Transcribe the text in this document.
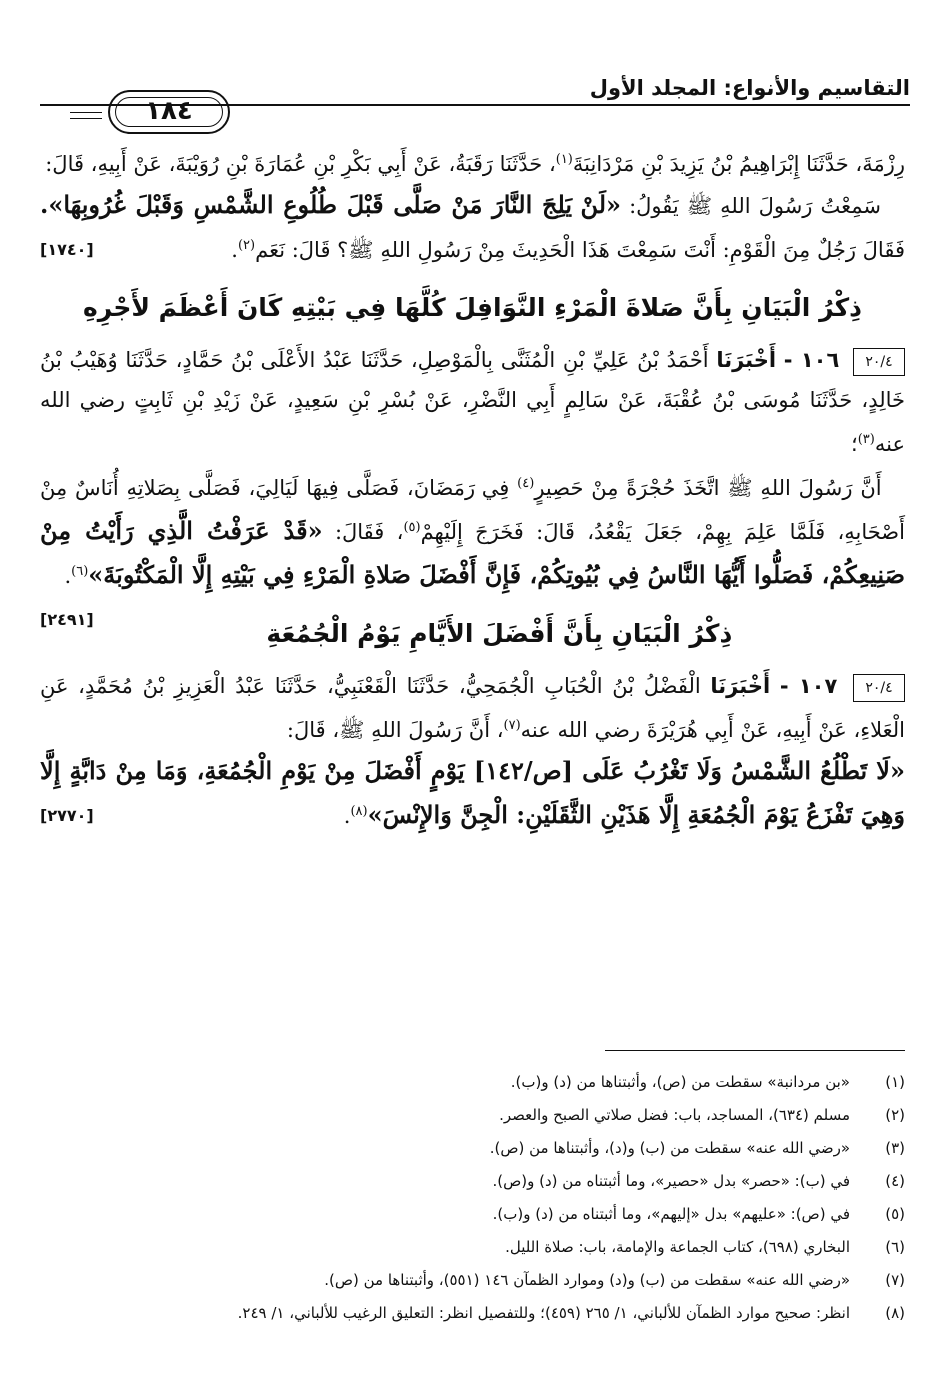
التقاسيم والأنواع: المجلد الأول
١٨٤

رِزْمَةَ، حَدَّثَنَا إِبْرَاهِيمُ بْنُ يَزِيدَ بْنِ مَرْدَانِبَةَ$^{(١)}$، حَدَّثَنَا رَقَبَةُ، عَنْ أَبِي بَكْرِ بْنِ عُمَارَةَ بْنِ رُوَيْبَةَ، عَنْ أَبِيهِ، قَالَ:

سَمِعْتُ رَسُولَ اللهِ ﷺ يَقُولُ: «لَنْ يَلِجَ النَّارَ مَنْ صَلَّى قَبْلَ طُلُوعِ الشَّمْسِ وَقَبْلَ غُرُوبِهَا». فَقَالَ رَجُلٌ مِنَ الْقَوْمِ: أَنْتَ سَمِعْتَ هَذَا الْحَدِيثَ مِنْ رَسُولِ اللهِ ﷺ؟ قَالَ: نَعَم$^{(٢)}$.
[١٧٤٠]

ذِكْرُ الْبَيَانِ بِأَنَّ صَلاةَ الْمَرْءِ النَّوَافِلَ كُلَّهَا فِي بَيْتِهِ كَانَ أَعْظَمَ لأَجْرِهِ

٢٠/٤ ١٠٦ - أَخْبَرَنَا أَحْمَدُ بْنُ عَلِيِّ بْنِ الْمُثَنَّى بِالْمَوْصِلِ، حَدَّثَنَا عَبْدُ الأَعْلَى بْنُ حَمَّادٍ، حَدَّثَنَا وُهَيْبُ بْنُ خَالِدٍ، حَدَّثَنَا مُوسَى بْنُ عُقْبَةَ، عَنْ سَالِمٍ أَبِي النَّضْرِ، عَنْ بُسْرِ بْنِ سَعِيدٍ، عَنْ زَيْدِ بْنِ ثَابِتٍ رضي الله عنه$^{(٣)}$؛

أَنَّ رَسُولَ اللهِ ﷺ اتَّخَذَ حُجْرَةً مِنْ حَصِيرٍ$^{(٤)}$ فِي رَمَضَانَ، فَصَلَّى فِيهَا لَيَالِيَ، فَصَلَّى بِصَلاتِهِ أُنَاسٌ مِنْ أَصْحَابِهِ، فَلَمَّا عَلِمَ بِهِمْ، جَعَلَ يَقْعُدُ، قَالَ: فَخَرَجَ إِلَيْهِمْ$^{(٥)}$، فَقَالَ: «قَدْ عَرَفْتُ الَّذِي رَأَيْتُ مِنْ صَنِيعِكُمْ، فَصَلُّوا أَيُّهَا النَّاسُ فِي بُيُوتِكُمْ، فَإِنَّ أَفْضَلَ صَلاةِ الْمَرْءِ فِي بَيْتِهِ إِلَّا الْمَكْتُوبَةَ»$^{(٦)}$.
[٢٤٩١]	ذِكْرُ الْبَيَانِ بِأَنَّ أَفْضَلَ الأَيَّامِ يَوْمُ الْجُمُعَةِ

٢٠/٤ ١٠٧ - أَخْبَرَنَا الْفَضْلُ بْنُ الْحُبَابِ الْجُمَحِيُّ، حَدَّثَنَا الْقَعْنَبِيُّ، حَدَّثَنَا عَبْدُ الْعَزِيزِ بْنُ مُحَمَّدٍ، عَنِ الْعَلاءِ، عَنْ أَبِيهِ، عَنْ أَبِي هُرَيْرَةَ رضي الله عنه$^{(٧)}$، أَنَّ رَسُولَ اللهِ ﷺ، قَالَ:

«لَا تَطْلُعُ الشَّمْسُ وَلَا تَغْرُبُ عَلَى [ص/١٤٢] يَوْمٍ أَفْضَلَ مِنْ يَوْمِ الْجُمُعَةِ، وَمَا مِنْ دَابَّةٍ إِلَّا وَهِيَ تَفْزَعُ يَوْمَ الْجُمُعَةِ إِلَّا هَذَيْنِ الثَّقَلَيْنِ: الْجِنَّ وَالإِنْسَ»$^{(٨)}$.
[٢٧٧٠]

(١)
«بن مردانبة» سقطت من (ص)، وأثبتناها من (د) و(ب).
(٢)
مسلم (٦٣٤)، المساجد، باب: فضل صلاتي الصبح والعصر.
(٣)
«رضي الله عنه» سقطت من (ب) و(د)، وأثبتناها من (ص).
(٤)
في (ب): «حصر» بدل «حصير»، وما أثبتناه من (د) و(ص).
(٥)
في (ص): «عليهم» بدل «إليهم»، وما أثبتناه من (د) و(ب).
(٦)
البخاري (٦٩٨)، كتاب الجماعة والإمامة، باب: صلاة الليل.
(٧)
«رضي الله عنه» سقطت من (ب) و(د) وموارد الظمآن ١٤٦ (٥٥١)، وأثبتناها من (ص).
(٨)
انظر: صحيح موارد الظمآن للألباني، ١/ ٢٦٥ (٤٥٩)؛ وللتفصيل انظر: التعليق الرغيب للألباني، ١/ ٢٤٩.
